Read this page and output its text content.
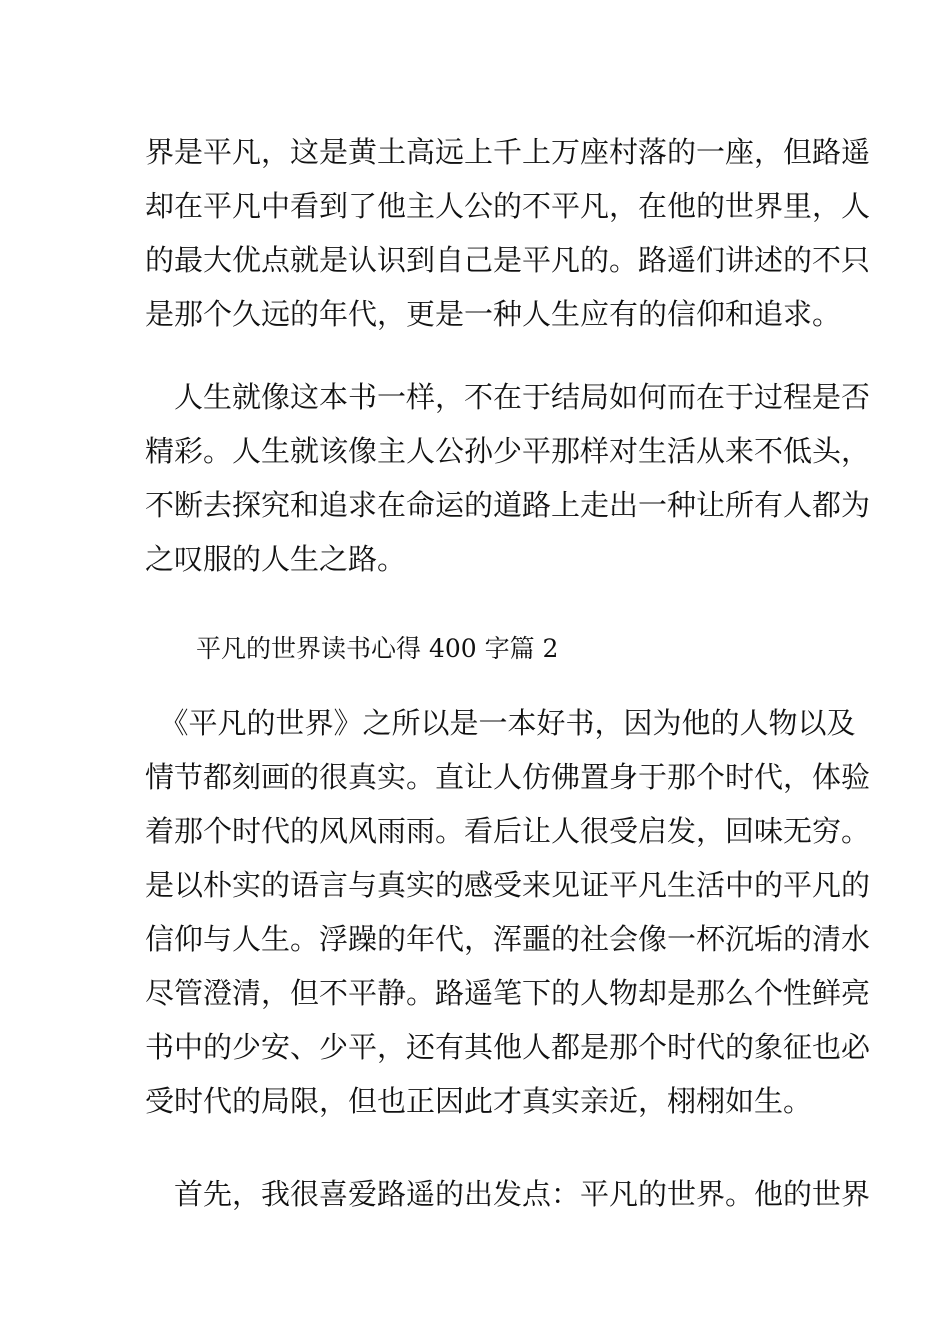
界是平凡，这是黄土高远上千上万座村落的一座，但路遥
却在平凡中看到了他主人公的不平凡，在他的世界里，人
的最大优点就是认识到自己是平凡的。路遥们讲述的不只
是那个久远的年代，更是一种人生应有的信仰和追求。
　人生就像这本书一样，不在于结局如何而在于过程是否
精彩。人生就该像主人公孙少平那样对生活从来不低头，
不断去探究和追求在命运的道路上走出一种让所有人都为
之叹服的人生之路。
平凡的世界读书心得 400 字篇 2
　《平凡的世界》之所以是一本好书，因为他的人物以及
情节都刻画的很真实。直让人仿佛置身于那个时代，体验
着那个时代的风风雨雨。看后让人很受启发，回味无穷。
是以朴实的语言与真实的感受来见证平凡生活中的平凡的
信仰与人生。浮躁的年代，浑噩的社会像一杯沉垢的清水
尽管澄清，但不平静。路遥笔下的人物却是那么个性鲜亮
书中的少安、少平，还有其他人都是那个时代的象征也必
受时代的局限，但也正因此才真实亲近，栩栩如生。
　首先，我很喜爱路遥的出发点：平凡的世界。他的世界
